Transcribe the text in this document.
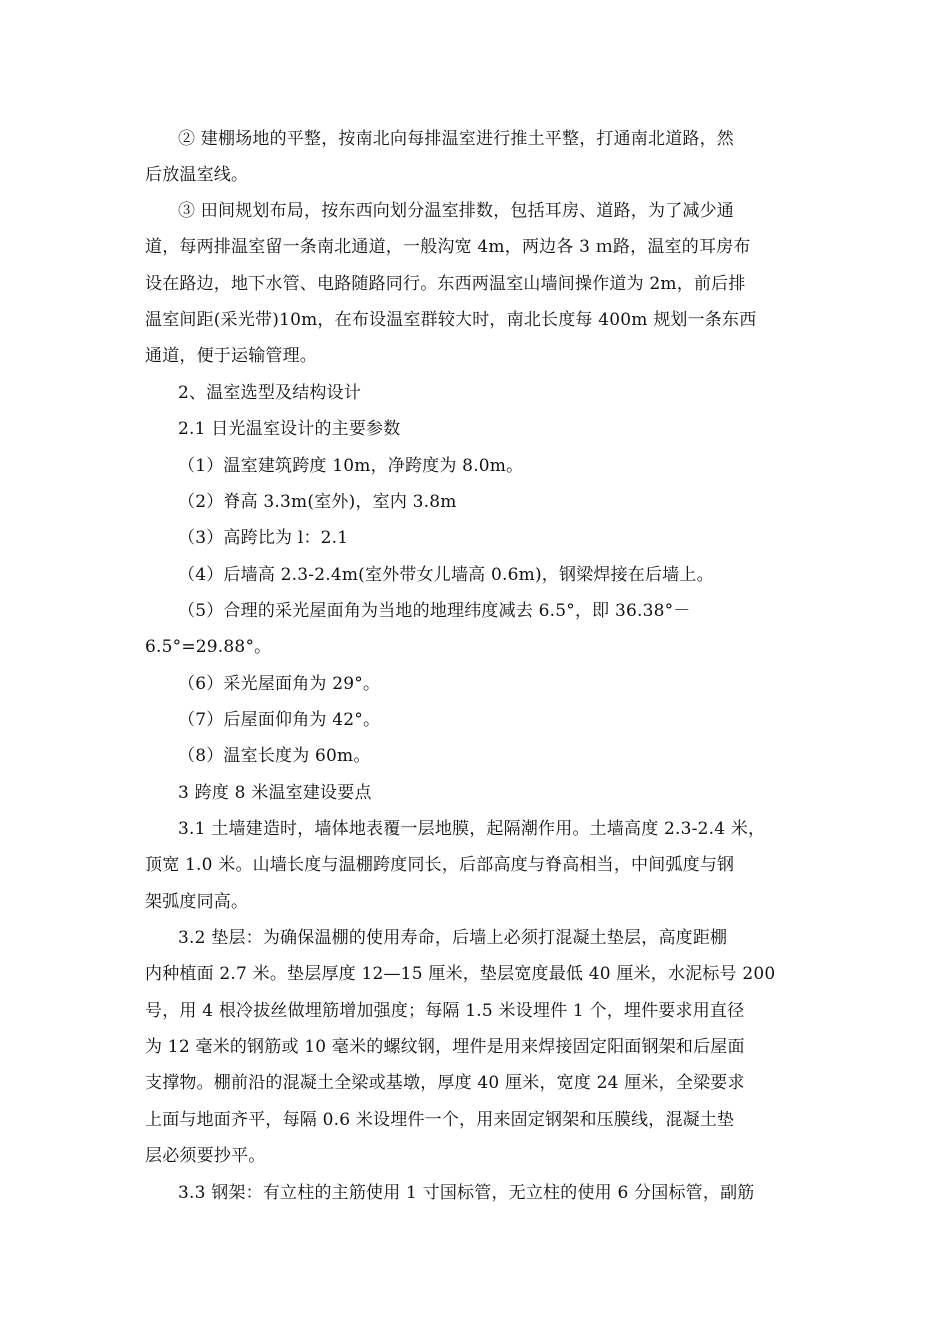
② 建棚场地的平整，按南北向每排温室进行推土平整，打通南北道路，然
后放温室线。
③ 田间规划布局，按东西向划分温室排数，包括耳房、道路，为了减少通
道，每两排温室留一条南北通道，一般沟宽 4m，两边各 3 ｍ路，温室的耳房布
设在路边，地下水管、电路随路同行。东西两温室山墙间操作道为 2m，前后排
温室间距(采光带)10m，在布设温室群较大时，南北长度每 400m 规划一条东西
通道，便于运输管理。
2、温室选型及结构设计
2.1 日光温室设计的主要参数
（1）温室建筑跨度 10m，净跨度为 8.0m。
（2）脊高 3.3m(室外)，室内 3.8m
（3）高跨比为 l：2.1
（4）后墙高 2.3-2.4m(室外带女儿墙高 0.6m)，钢梁焊接在后墙上。
（5）合理的采光屋面角为当地的地理纬度减去 6.5°，即 36.38°－
6.5°=29.88°。
（6）采光屋面角为 29°。
（7）后屋面仰角为 42°。
（8）温室长度为 60m。
3 跨度 8 米温室建设要点
3.1 土墙建造时，墙体地表覆一层地膜，起隔潮作用。土墙高度 2.3-2.4 米，
顶宽 1.0 米。山墙长度与温棚跨度同长，后部高度与脊高相当，中间弧度与钢
架弧度同高。
3.2 垫层：为确保温棚的使用寿命，后墙上必须打混凝土垫层，高度距棚
内种植面 2.7 米。垫层厚度 12—15 厘米，垫层宽度最低 40 厘米，水泥标号 200
号，用 4 根冷拔丝做埋筋增加强度；每隔 1.5 米设埋件 1 个，埋件要求用直径
为 12 毫米的钢筋或 10 毫米的螺纹钢，埋件是用来焊接固定阳面钢架和后屋面
支撑物。棚前沿的混凝土全梁或基墩，厚度 40 厘米，宽度 24 厘米，全梁要求
上面与地面齐平，每隔 0.6 米设埋件一个，用来固定钢架和压膜线，混凝土垫
层必须要抄平。
3.3 钢架：有立柱的主筋使用 1 寸国标管，无立柱的使用 6 分国标管，副筋
